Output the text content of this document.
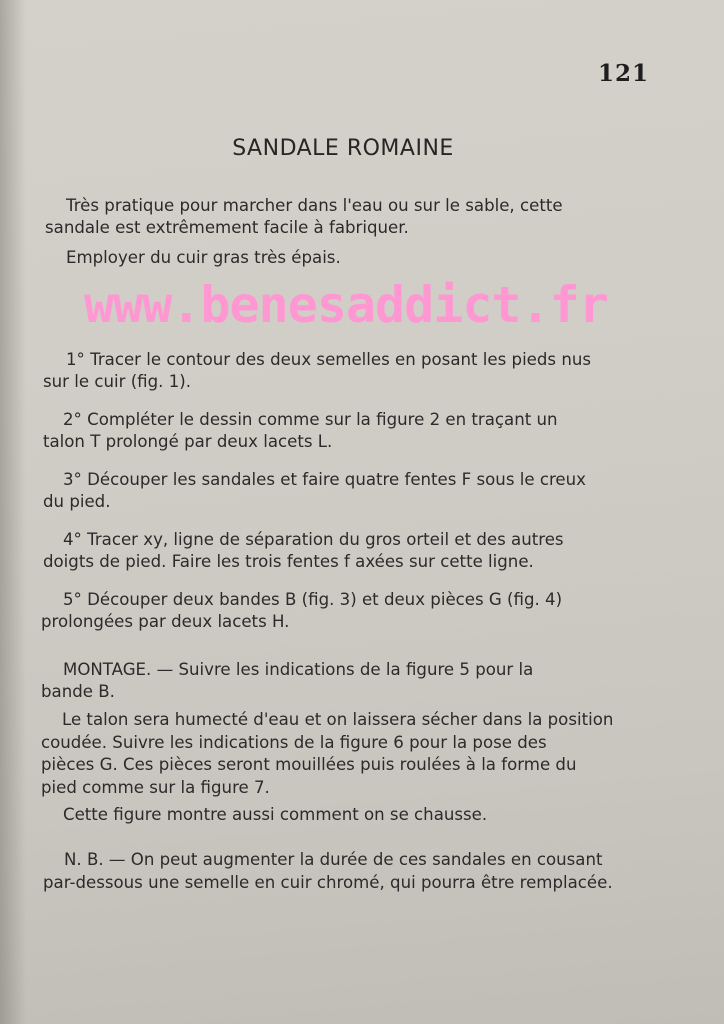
121
SANDALE ROMAINE
www.benesaddict.fr
Très pratique pour marcher dans l'eau ou sur le sable, cette
sandale est extrêmement facile à fabriquer.
Employer du cuir gras très épais.
1° Tracer le contour des deux semelles en posant les pieds nus
sur le cuir (fig. 1).
2° Compléter le dessin comme sur la figure 2 en traçant un
talon T prolongé par deux lacets L.
3° Découper les sandales et faire quatre fentes F sous le creux
du pied.
4° Tracer xy, ligne de séparation du gros orteil et des autres
doigts de pied. Faire les trois fentes f axées sur cette ligne.
5° Découper deux bandes B (fig. 3) et deux pièces G (fig. 4)
prolongées par deux lacets H.
MONTAGE. — Suivre les indications de la figure 5 pour la
bande B.
Le talon sera humecté d'eau et on laissera sécher dans la position
coudée. Suivre les indications de la figure 6 pour la pose des
pièces G. Ces pièces seront mouillées puis roulées à la forme du
pied comme sur la figure 7.
Cette figure montre aussi comment on se chausse.
N. B. — On peut augmenter la durée de ces sandales en cousant
par-dessous une semelle en cuir chromé, qui pourra être remplacée.
